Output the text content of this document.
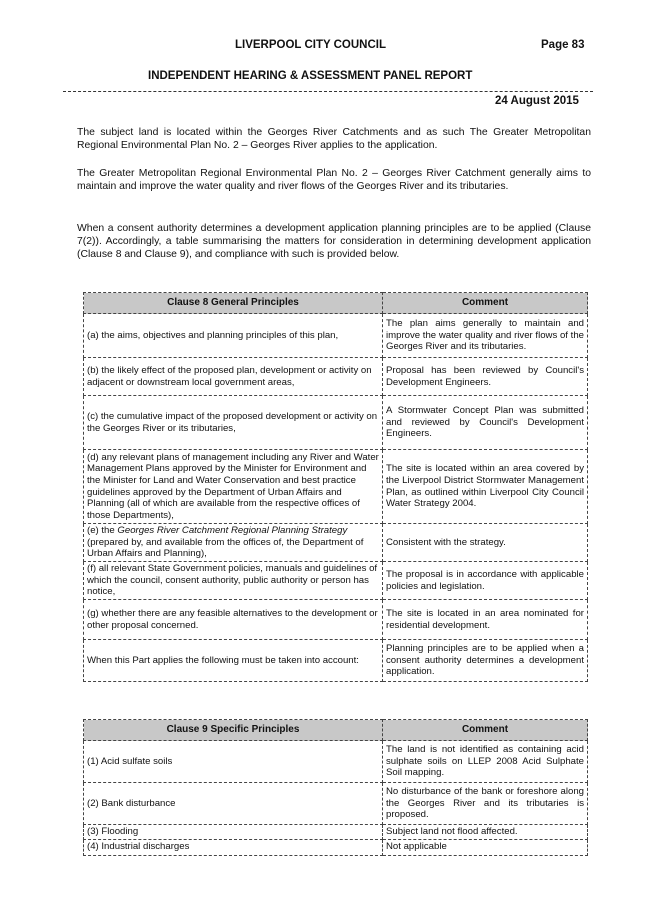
LIVERPOOL CITY COUNCIL	Page 83
INDEPENDENT HEARING & ASSESSMENT PANEL REPORT
24 August 2015
The subject land is located within the Georges River Catchments and as such The Greater Metropolitan Regional Environmental Plan No. 2 – Georges River applies to the application.
The Greater Metropolitan Regional Environmental Plan No. 2 – Georges River Catchment generally aims to maintain and improve the water quality and river flows of the Georges River and its tributaries.
When a consent authority determines a development application planning principles are to be applied (Clause 7(2)). Accordingly, a table summarising the matters for consideration in determining development application (Clause 8 and Clause 9), and compliance with such is provided below.
Clause 8 General Principles	Comment
(a) the aims, objectives and planning principles of this plan,	The plan aims generally to maintain and improve the water quality and river flows of the Georges River and its tributaries.
(b) the likely effect of the proposed plan, development or activity on adjacent or downstream local government areas,	Proposal has been reviewed by Council's Development Engineers.
(c) the cumulative impact of the proposed development or activity on the Georges River or its tributaries,	A Stormwater Concept Plan was submitted and reviewed by Council's Development Engineers.
(d) any relevant plans of management including any River and Water Management Plans approved by the Minister for Environment and the Minister for Land and Water Conservation and best practice guidelines approved by the Department of Urban Affairs and Planning (all of which are available from the respective offices of those Departments),	The site is located within an area covered by the Liverpool District Stormwater Management Plan, as outlined within Liverpool City Council Water Strategy 2004.
(e) the Georges River Catchment Regional Planning Strategy (prepared by, and available from the offices of, the Department of Urban Affairs and Planning),	Consistent with the strategy.
(f) all relevant State Government policies, manuals and guidelines of which the council, consent authority, public authority or person has notice,	The proposal is in accordance with applicable policies and legislation.
(g) whether there are any feasible alternatives to the development or other proposal concerned.	The site is located in an area nominated for residential development.
When this Part applies the following must be taken into account:	Planning principles are to be applied when a consent authority determines a development application.
Clause 9 Specific Principles	Comment
(1) Acid sulfate soils	The land is not identified as containing acid sulphate soils on LLEP 2008 Acid Sulphate Soil mapping.
(2) Bank disturbance	No disturbance of the bank or foreshore along the Georges River and its tributaries is proposed.
(3) Flooding	Subject land not flood affected.
(4) Industrial discharges	Not applicable
